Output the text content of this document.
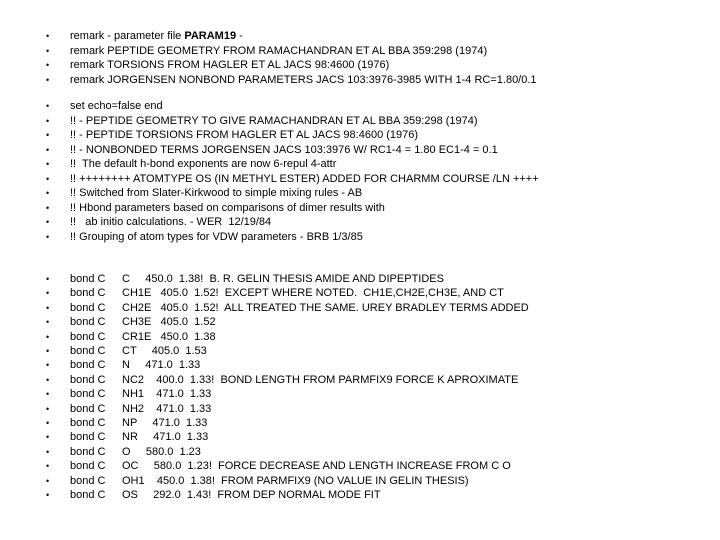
• remark - parameter file PARAM19 -
• remark PEPTIDE GEOMETRY FROM RAMACHANDRAN ET AL BBA 359:298 (1974)
• remark TORSIONS FROM HAGLER ET AL JACS 98:4600 (1976)
• remark JORGENSEN NONBOND PARAMETERS JACS 103:3976-3985 WITH 1-4 RC=1.80/0.1
• set echo=false end
• !! - PEPTIDE GEOMETRY TO GIVE RAMACHANDRAN ET AL BBA 359:298 (1974)
• !! - PEPTIDE TORSIONS FROM HAGLER ET AL JACS 98:4600 (1976)
• !! - NONBONDED TERMS JORGENSEN JACS 103:3976 W/ RC1-4 = 1.80 EC1-4 = 0.1
• !!  The default h-bond exponents are now 6-repul 4-attr
• !! ++++++++ ATOMTYPE OS (IN METHYL ESTER) ADDED FOR CHARMM COURSE /LN ++++
• !! Switched from Slater-Kirkwood to simple mixing rules - AB
• !! Hbond parameters based on comparisons of dimer results with
• !!   ab initio calculations. - WER  12/19/84
• !! Grouping of atom types for VDW parameters - BRB 1/3/85
• bond C C     450.0  1.38!  B. R. GELIN THESIS AMIDE AND DIPEPTIDES
• bond C CH1E   405.0  1.52!  EXCEPT WHERE NOTED.  CH1E,CH2E,CH3E, AND CT
• bond C CH2E   405.0  1.52!  ALL TREATED THE SAME. UREY BRADLEY TERMS ADDED
• bond C CH3E   405.0  1.52
• bond C CR1E   450.0  1.38
• bond C CT     405.0  1.53
• bond C N     471.0  1.33
• bond C NC2    400.0  1.33!  BOND LENGTH FROM PARMFIX9 FORCE K APROXIMATE
• bond C NH1    471.0  1.33
• bond C NH2    471.0  1.33
• bond C NP     471.0  1.33
• bond C NR     471.0  1.33
• bond C O     580.0  1.23
• bond C OC     580.0  1.23!  FORCE DECREASE AND LENGTH INCREASE FROM C O
• bond C OH1    450.0  1.38!  FROM PARMFIX9 (NO VALUE IN GELIN THESIS)
• bond C OS     292.0  1.43!  FROM DEP NORMAL MODE FIT
